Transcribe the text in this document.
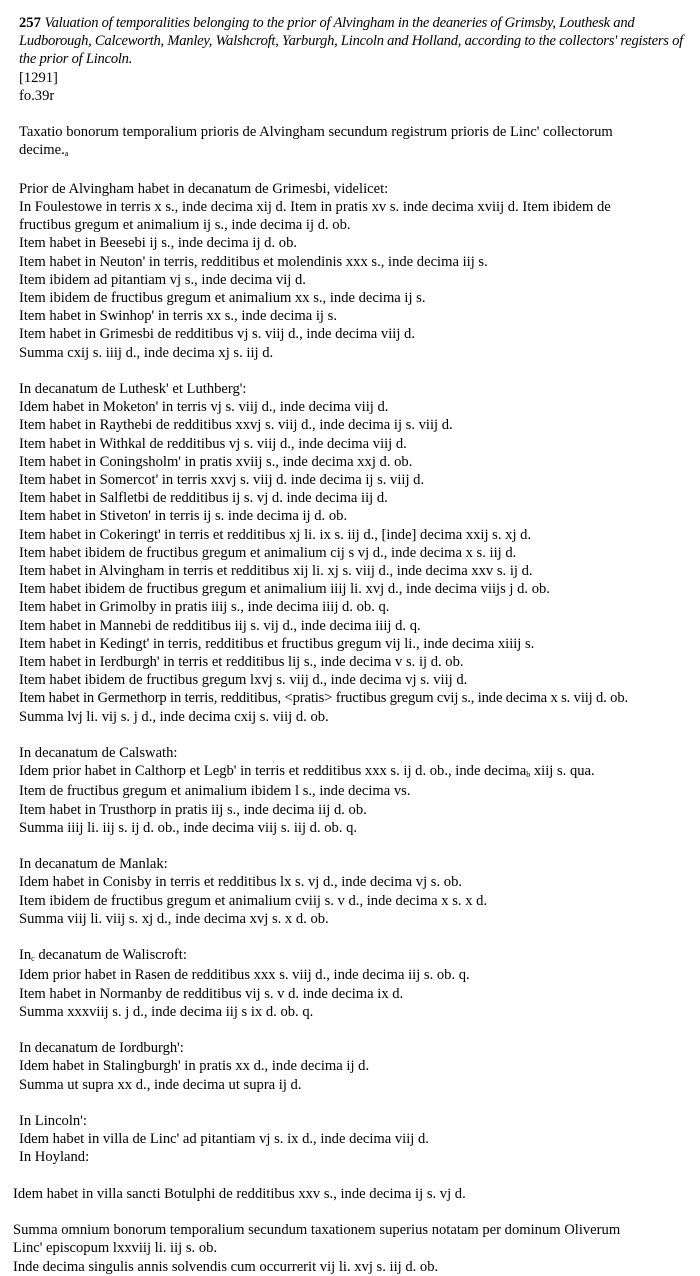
257 Valuation of temporalities belonging to the prior of Alvingham in the deaneries of Grimsby, Louthesk and Ludborough, Calceworth, Manley, Walshcroft, Yarburgh, Lincoln and Holland, according to the collectors' registers of the prior of Lincoln.

[1291]

fo.39r

Taxatio bonorum temporalium prioris de Alvingham secundum registrum prioris de Linc' collectorum

decime.a

Prior de Alvingham habet in decanatum de Grimesbi, videlicet:

In Foulestowe in terris x s., inde decima xij d. Item in pratis xv s. inde decima xviij d. Item ibidem de

fructibus gregum et animalium ij s., inde decima ij d. ob.

Item habet in Beesebi ij s., inde decima ij d. ob.

Item habet in Neuton' in terris, redditibus et molendinis xxx s., inde decima iij s.

Item ibidem ad pitantiam vj s., inde decima vij d.

Item ibidem de fructibus gregum et animalium xx s., inde decima ij s.

Item habet in Swinhop' in terris xx s., inde decima ij s.

Item habet in Grimesbi de redditibus vj s. viij d., inde decima viij d.

Summa cxij s. iiij d., inde decima xj s. iij d.

In decanatum de Luthesk' et Luthberg':

Idem habet in Moketon' in terris vj s. viij d., inde decima viij d.

Item habet in Raythebi de redditibus xxvj s. viij d., inde decima ij s. viij d.

Item habet in Withkal de redditibus vj s. viij d., inde decima viij d.

Item habet in Coningsholm' in pratis xviij s., inde decima xxj d. ob.

Item habet in Somercot' in terris xxvj s. viij d. inde decima ij s. viij d.

Item habet in Salfletbi de redditibus ij s. vj d. inde decima iij d.

Item habet in Stiveton' in terris ij s. inde decima ij d. ob.

Item habet in Cokeringt' in terris et redditibus xj li. ix s. iij d., [inde] decima xxij s. xj d.

Item habet ibidem de fructibus gregum et animalium cij s vj d., inde decima x s. iij d.

Item habet in Alvingham in terris et redditibus xij li. xj s. viij d., inde decima xxv s. ij d.

Item habet ibidem de fructibus gregum et animalium iiij li. xvj d., inde decima viijs j d. ob.

Item habet in Grimolby in pratis iiij s., inde decima iiij d. ob. q.

Item habet in Mannebi de redditibus iij s. vij d., inde decima iiij d. q.

Item habet in Kedingt' in terris, redditibus et fructibus gregum vij li., inde decima xiiij s.

Item habet in Ierdburgh' in terris et redditibus lij s., inde decima v s. ij d. ob.

Item habet ibidem de fructibus gregum lxvj s. viij d., inde decima vj s. viij d.

Item habet in Germethorp in terris, redditibus, <pratis> fructibus gregum cvij s., inde decima x s. viij d. ob.

Summa lvj li. vij s. j d., inde decima cxij s. viij d. ob.

In decanatum de Calswath:

Idem prior habet in Calthorp et Legb' in terris et redditibus xxx s. ij d. ob., inde decimab xiij s. qua.

Item de fructibus gregum et animalium ibidem l s., inde decima vs.

Item habet in Trusthorp in pratis iij s., inde decima iij d. ob.

Summa iiij li. iij s. ij d. ob., inde decima viij s. iij d. ob. q.

In decanatum de Manlak:

Idem habet in Conisby in terris et redditibus lx s. vj d., inde decima vj s. ob.

Item ibidem de fructibus gregum et animalium cviij s. v d., inde decima x s. x d.

Summa viij li. viij s. xj d., inde decima xvj s. x d. ob.

Inc decanatum de Waliscroft:

Idem prior habet in Rasen de redditibus xxx s. viij d., inde decima iij s. ob. q.

Item habet in Normanby de redditibus vij s. v d. inde decima ix d.

Summa xxxviij s. j d., inde decima iij s ix d. ob. q.

In decanatum de Iordburgh':

Idem habet in Stalingburgh' in pratis xx d., inde decima ij d.

Summa ut supra xx d., inde decima ut supra ij d.

In Lincoln':

Idem habet in villa de Linc' ad pitantiam vj s. ix d., inde decima viij d.

In Hoyland:

Idem habet in villa sancti Botulphi de redditibus xxv s., inde decima ij s. vj d.

Summa omnium bonorum temporalium secundum taxationem superius notatam per dominum Oliverum

Linc' episcopum lxxviij li. iij s. ob.

Inde decima singulis annis solvendis cum occurrerit vij li. xvj s. iij d. ob.
